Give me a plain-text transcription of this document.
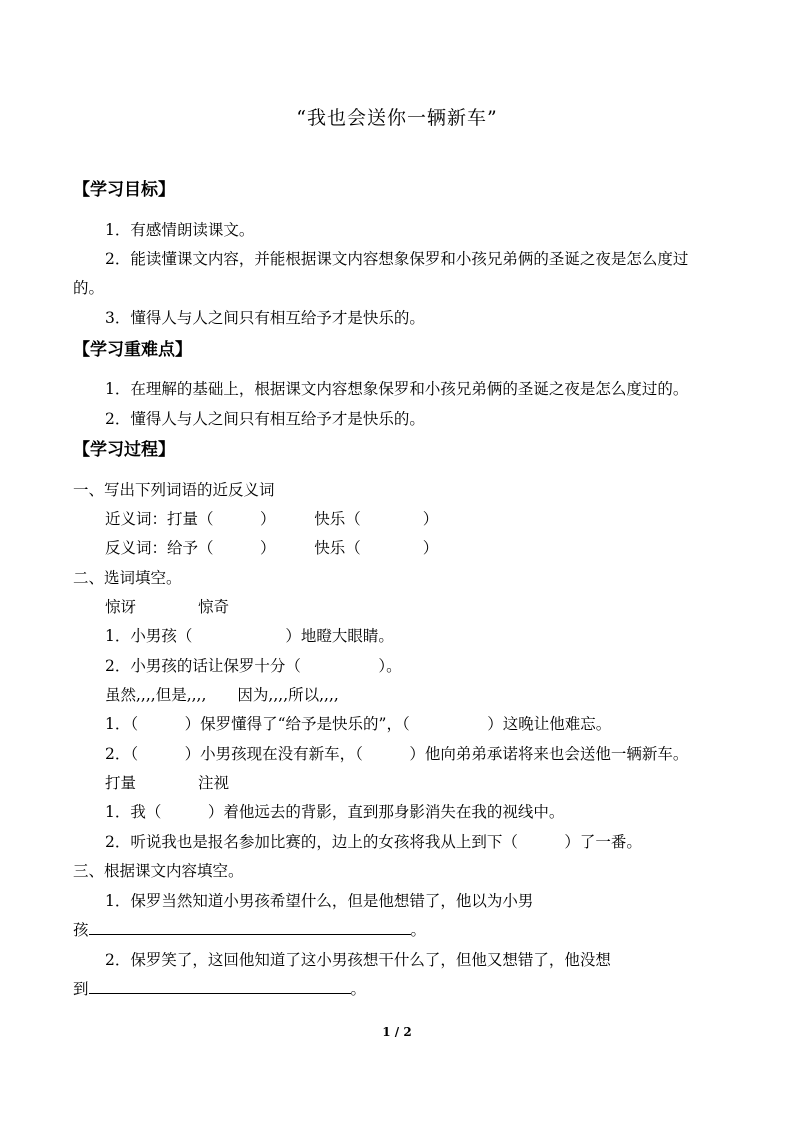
“我也会送你一辆新车”
【学习目标】
1．有感情朗读课文。
2．能读懂课文内容，并能根据课文内容想象保罗和小孩兄弟俩的圣诞之夜是怎么度过
的。
3．懂得人与人之间只有相互给予才是快乐的。
【学习重难点】
1．在理解的基础上，根据课文内容想象保罗和小孩兄弟俩的圣诞之夜是怎么度过的。
2．懂得人与人之间只有相互给予才是快乐的。
【学习过程】
一、写出下列词语的近反义词
近义词：打量（　　　）　　　快乐（　　　　）
反义词：给予（　　　）　　　快乐（　　　　）
二、选词填空。
惊讶　　　　惊奇
1．小男孩（　　　　　　）地瞪大眼睛。
2．小男孩的话让保罗十分（　　　　　）。
虽然,,,,但是,,,,　　因为,,,,所以,,,,
1．（　　　）保罗懂得了“给予是快乐的”，（　　　　　）这晚让他难忘。
2．（　　　）小男孩现在没有新车，（　　　）他向弟弟承诺将来也会送他一辆新车。
打量　　　　注视
1．我（　　　）着他远去的背影，直到那身影消失在我的视线中。
2．听说我也是报名参加比赛的，边上的女孩将我从上到下（　　　）了一番。
三、根据课文内容填空。
1．保罗当然知道小男孩希望什么，但是他想错了，他以为小男
孩	。
2．保罗笑了，这回他知道了这小男孩想干什么了，但他又想错了，他没想
到	。
1 / 2
